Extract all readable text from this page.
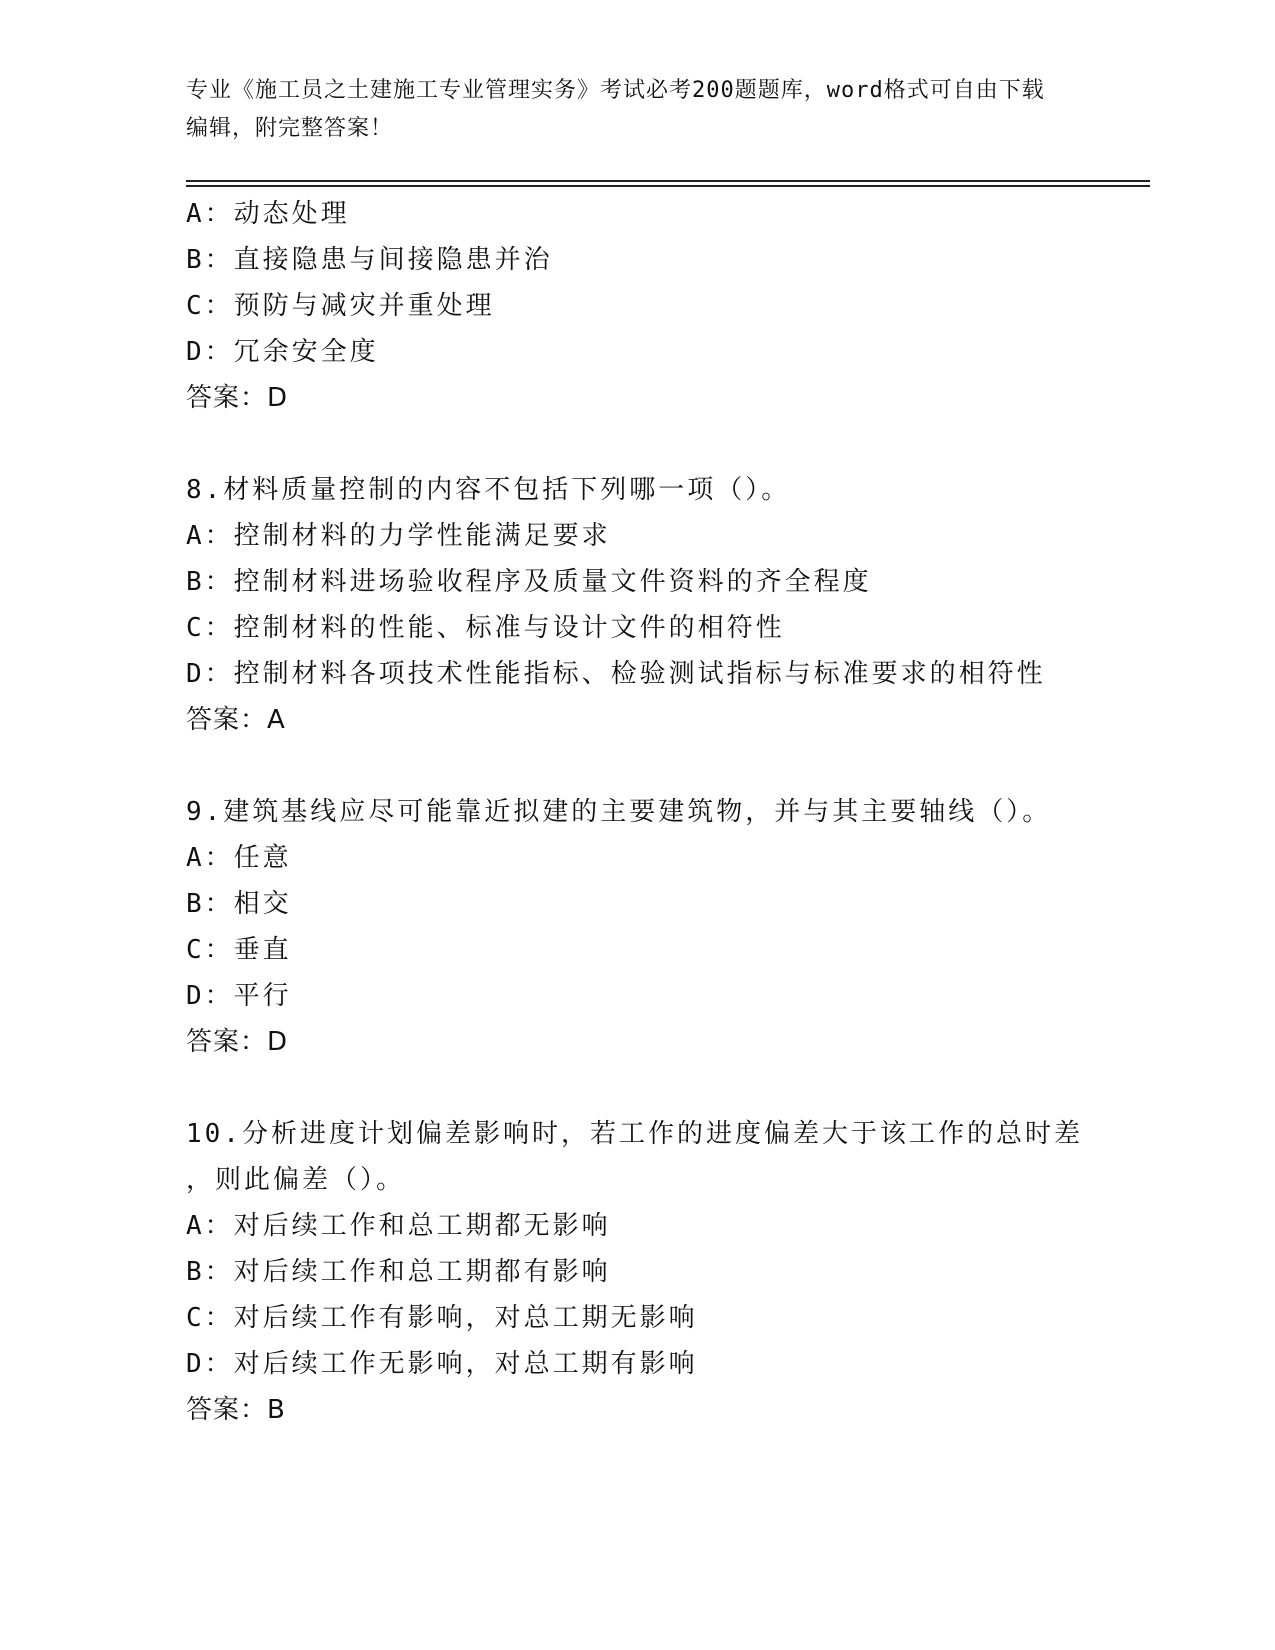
专业《施工员之土建施工专业管理实务》考试必考200题题库，word格式可自由下载编辑，附完整答案！

A：动态处理
B：直接隐患与间接隐患并治
C：预防与减灾并重处理
D：冗余安全度
答案：D
8.材料质量控制的内容不包括下列哪一项（）。
A：控制材料的力学性能满足要求
B：控制材料进场验收程序及质量文件资料的齐全程度
C：控制材料的性能、标准与设计文件的相符性
D：控制材料各项技术性能指标、检验测试指标与标准要求的相符性
答案：A
9.建筑基线应尽可能靠近拟建的主要建筑物，并与其主要轴线（）。
A：任意
B：相交
C：垂直
D：平行
答案：D
10.分析进度计划偏差影响时，若工作的进度偏差大于该工作的总时差
，则此偏差（）。
A：对后续工作和总工期都无影响
B：对后续工作和总工期都有影响
C：对后续工作有影响，对总工期无影响
D：对后续工作无影响，对总工期有影响
答案：B
